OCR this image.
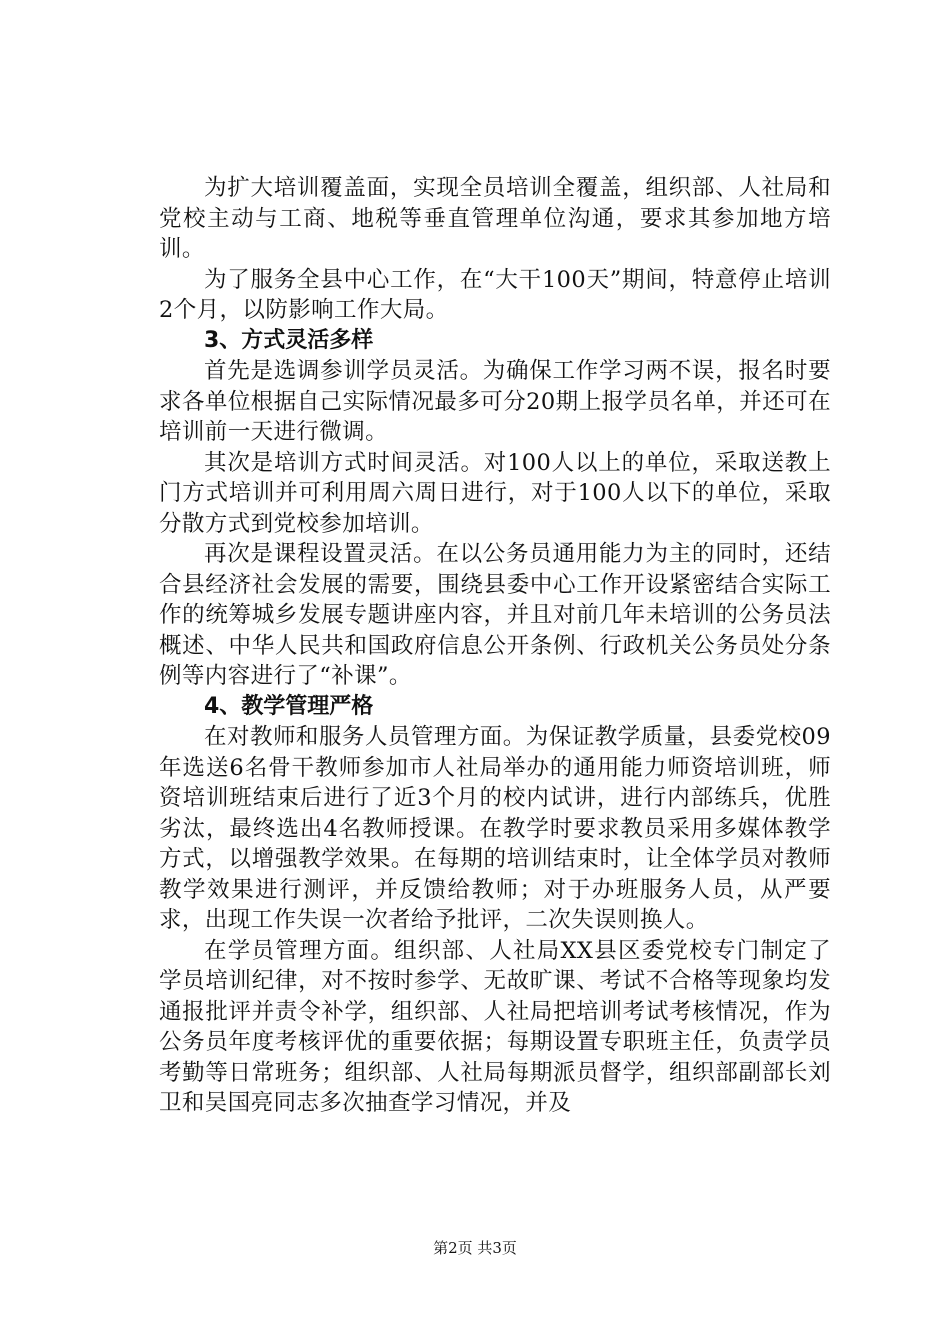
为扩大培训覆盖面，实现全员培训全覆盖，组织部、人社局和党校主动与工商、地税等垂直管理单位沟通，要求其参加地方培训。

为了服务全县中心工作，在“大干100天”期间，特意停止培训2个月，以防影响工作大局。

3、方式灵活多样

首先是选调参训学员灵活。为确保工作学习两不误，报名时要求各单位根据自己实际情况最多可分20期上报学员名单，并还可在培训前一天进行微调。

其次是培训方式时间灵活。对100人以上的单位，采取送教上门方式培训并可利用周六周日进行，对于100人以下的单位，采取分散方式到党校参加培训。

再次是课程设置灵活。在以公务员通用能力为主的同时，还结合县经济社会发展的需要，围绕县委中心工作开设紧密结合实际工作的统筹城乡发展专题讲座内容，并且对前几年未培训的公务员法概述、中华人民共和国政府信息公开条例、行政机关公务员处分条例等内容进行了“补课”。

4、教学管理严格

在对教师和服务人员管理方面。为保证教学质量，县委党校09年选送6名骨干教师参加市人社局举办的通用能力师资培训班，师资培训班结束后进行了近3个月的校内试讲，进行内部练兵，优胜劣汰，最终选出4名教师授课。在教学时要求教员采用多媒体教学方式，以增强教学效果。在每期的培训结束时，让全体学员对教师教学效果进行测评，并反馈给教师；对于办班服务人员，从严要求，出现工作失误一次者给予批评，二次失误则换人。

在学员管理方面。组织部、人社局XX县区委党校专门制定了学员培训纪律，对不按时参学、无故旷课、考试不合格等现象均发通报批评并责令补学，组织部、人社局把培训考试考核情况，作为公务员年度考核评优的重要依据；每期设置专职班主任，负责学员考勤等日常班务；组织部、人社局每期派员督学，组织部副部长刘卫和吴国亮同志多次抽查学习情况，并及

第2页 共3页
